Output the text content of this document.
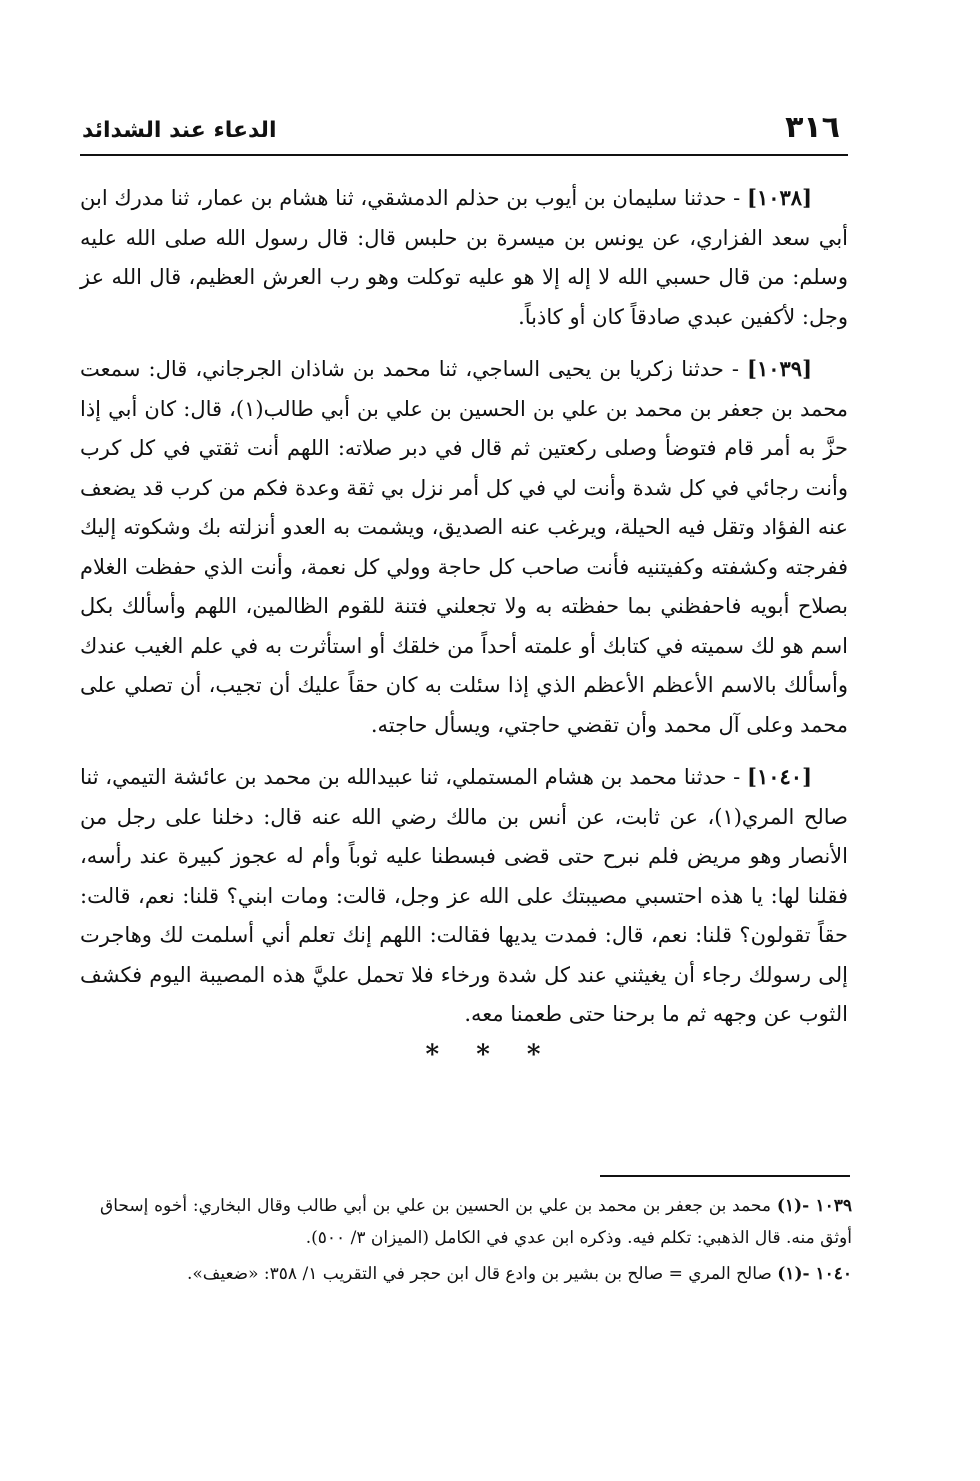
٣١٦
الدعاء عند الشدائد

[١٠٣٨] - حدثنا سليمان بن أيوب بن حذلم الدمشقي، ثنا هشام بن عمار، ثنا مدرك ابن أبي سعد الفزاري، عن يونس بن ميسرة بن حلبس قال: قال رسول الله صلى الله عليه وسلم: من قال حسبي الله لا إله إلا هو عليه توكلت وهو رب العرش العظيم، قال الله عز وجل: لأكفين عبدي صادقاً كان أو كاذباً.

[١٠٣٩] - حدثنا زكريا بن يحيى الساجي، ثنا محمد بن شاذان الجرجاني، قال: سمعت محمد بن جعفر بن محمد بن علي بن الحسين بن علي بن أبي طالب(١)، قال: كان أبي إذا حزَّ به أمر قام فتوضأ وصلى ركعتين ثم قال في دبر صلاته: اللهم أنت ثقتي في كل كرب وأنت رجائي في كل شدة وأنت لي في كل أمر نزل بي ثقة وعدة فكم من كرب قد يضعف عنه الفؤاد وتقل فيه الحيلة، ويرغب عنه الصديق، ويشمت به العدو أنزلته بك وشكوته إليك ففرجته وكشفته وكفيتنيه فأنت صاحب كل حاجة وولي كل نعمة، وأنت الذي حفظت الغلام بصلاح أبويه فاحفظني بما حفظته به ولا تجعلني فتنة للقوم الظالمين، اللهم وأسألك بكل اسم هو لك سميته في كتابك أو علمته أحداً من خلقك أو استأثرت به في علم الغيب عندك وأسألك بالاسم الأعظم الأعظم الذي إذا سئلت به كان حقاً عليك أن تجيب، أن تصلي على محمد وعلى آل محمد وأن تقضي حاجتي، ويسأل حاجته.

[١٠٤٠] - حدثنا محمد بن هشام المستملي، ثنا عبيدالله بن محمد بن عائشة التيمي، ثنا صالح المري(١)، عن ثابت، عن أنس بن مالك رضي الله عنه قال: دخلنا على رجل من الأنصار وهو مريض فلم نبرح حتى قضى فبسطنا عليه ثوباً وأم له عجوز كبيرة عند رأسه، فقلنا لها: يا هذه احتسبي مصيبتك على الله عز وجل، قالت: ومات ابني؟ قلنا: نعم، قالت: حقاً تقولون؟ قلنا: نعم، قال: فمدت يديها فقالت: اللهم إنك تعلم أني أسلمت لك وهاجرت إلى رسولك رجاء أن يغيثني عند كل شدة ورخاء فلا تحمل عليَّ هذه المصيبة اليوم فكشف الثوب عن وجهه ثم ما برحنا حتى طعمنا معه.

* * *

١٠٣٩ -(١) محمد بن جعفر بن محمد بن علي بن الحسين بن علي بن أبي طالب وقال البخاري: أخوه إسحاق أوثق منه. قال الذهبي: تكلم فيه. وذكره ابن عدي في الكامل (الميزان ٣/ ٥٠٠).

١٠٤٠ -(١) صالح المري = صالح بن بشير بن وادع قال ابن حجر في التقريب ١/ ٣٥٨: «ضعيف».
